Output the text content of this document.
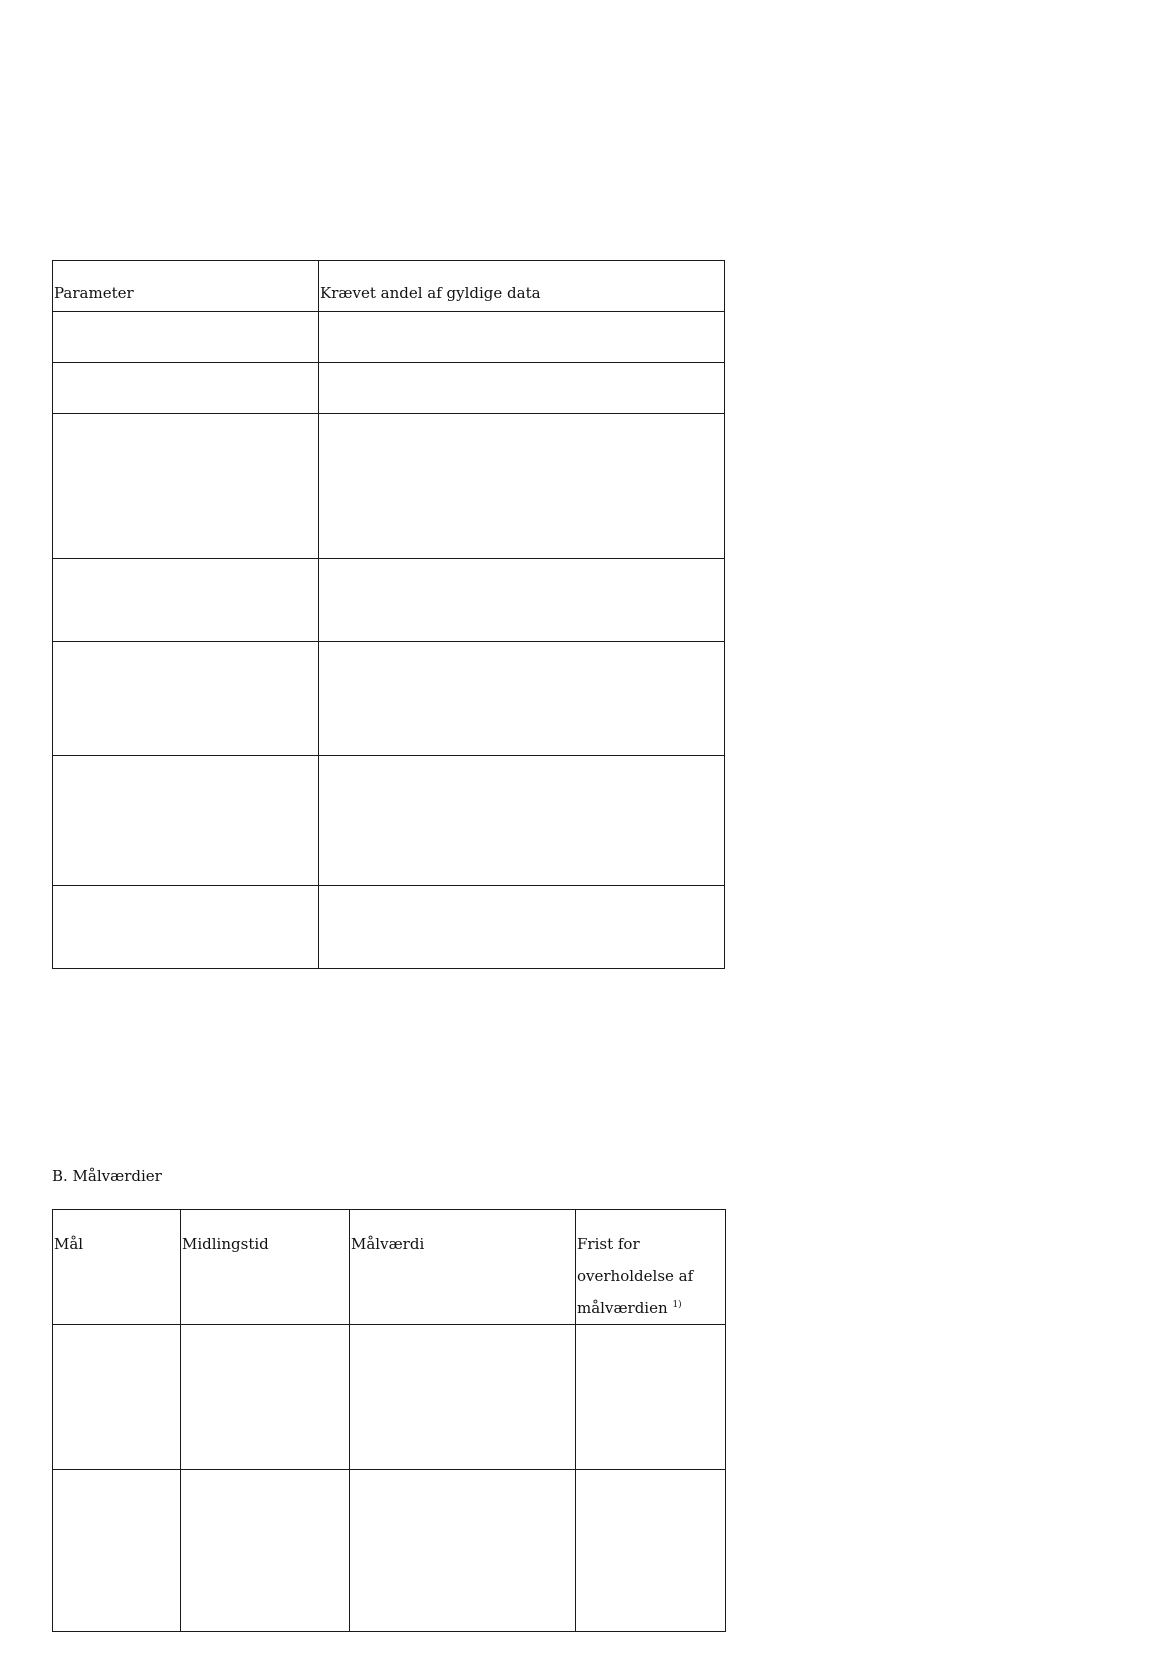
Parameter	Krævet andel af gyldige data

B. Målværdier

Mål	Midlingstid	Målværdi	Frist for overholdelse af målværdien $^{1)}$
